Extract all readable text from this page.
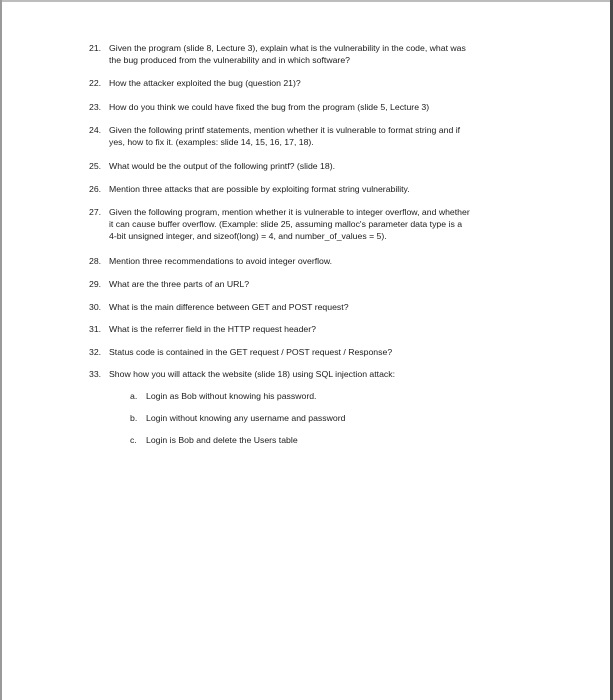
21. Given the program (slide 8, Lecture 3), explain what is the vulnerability in the code, what was
the bug produced from the vulnerability and in which software?
22. How the attacker exploited the bug (question 21)?
23. How do you think we could have fixed the bug from the program (slide 5, Lecture 3)
24. Given the following printf statements, mention whether it is vulnerable to format string and if
yes, how to fix it. (examples: slide 14, 15, 16, 17, 18).
25. What would be the output of the following printf? (slide 18).
26. Mention three attacks that are possible by exploiting format string vulnerability.
27. Given the following program, mention whether it is vulnerable to integer overflow, and whether
it can cause buffer overflow. (Example: slide 25, assuming malloc's parameter data type is a
4-bit unsigned integer, and sizeof(long) = 4, and number_of_values = 5).
28. Mention three recommendations to avoid integer overflow.
29. What are the three parts of an URL?
30. What is the main difference between GET and POST request?
31. What is the referrer field in the HTTP request header?
32. Status code is contained in the GET request / POST request / Response?
33. Show how you will attack the website (slide 18) using SQL injection attack:
a. Login as Bob without knowing his password.
b. Login without knowing any username and password
c. Login is Bob and delete the Users table
